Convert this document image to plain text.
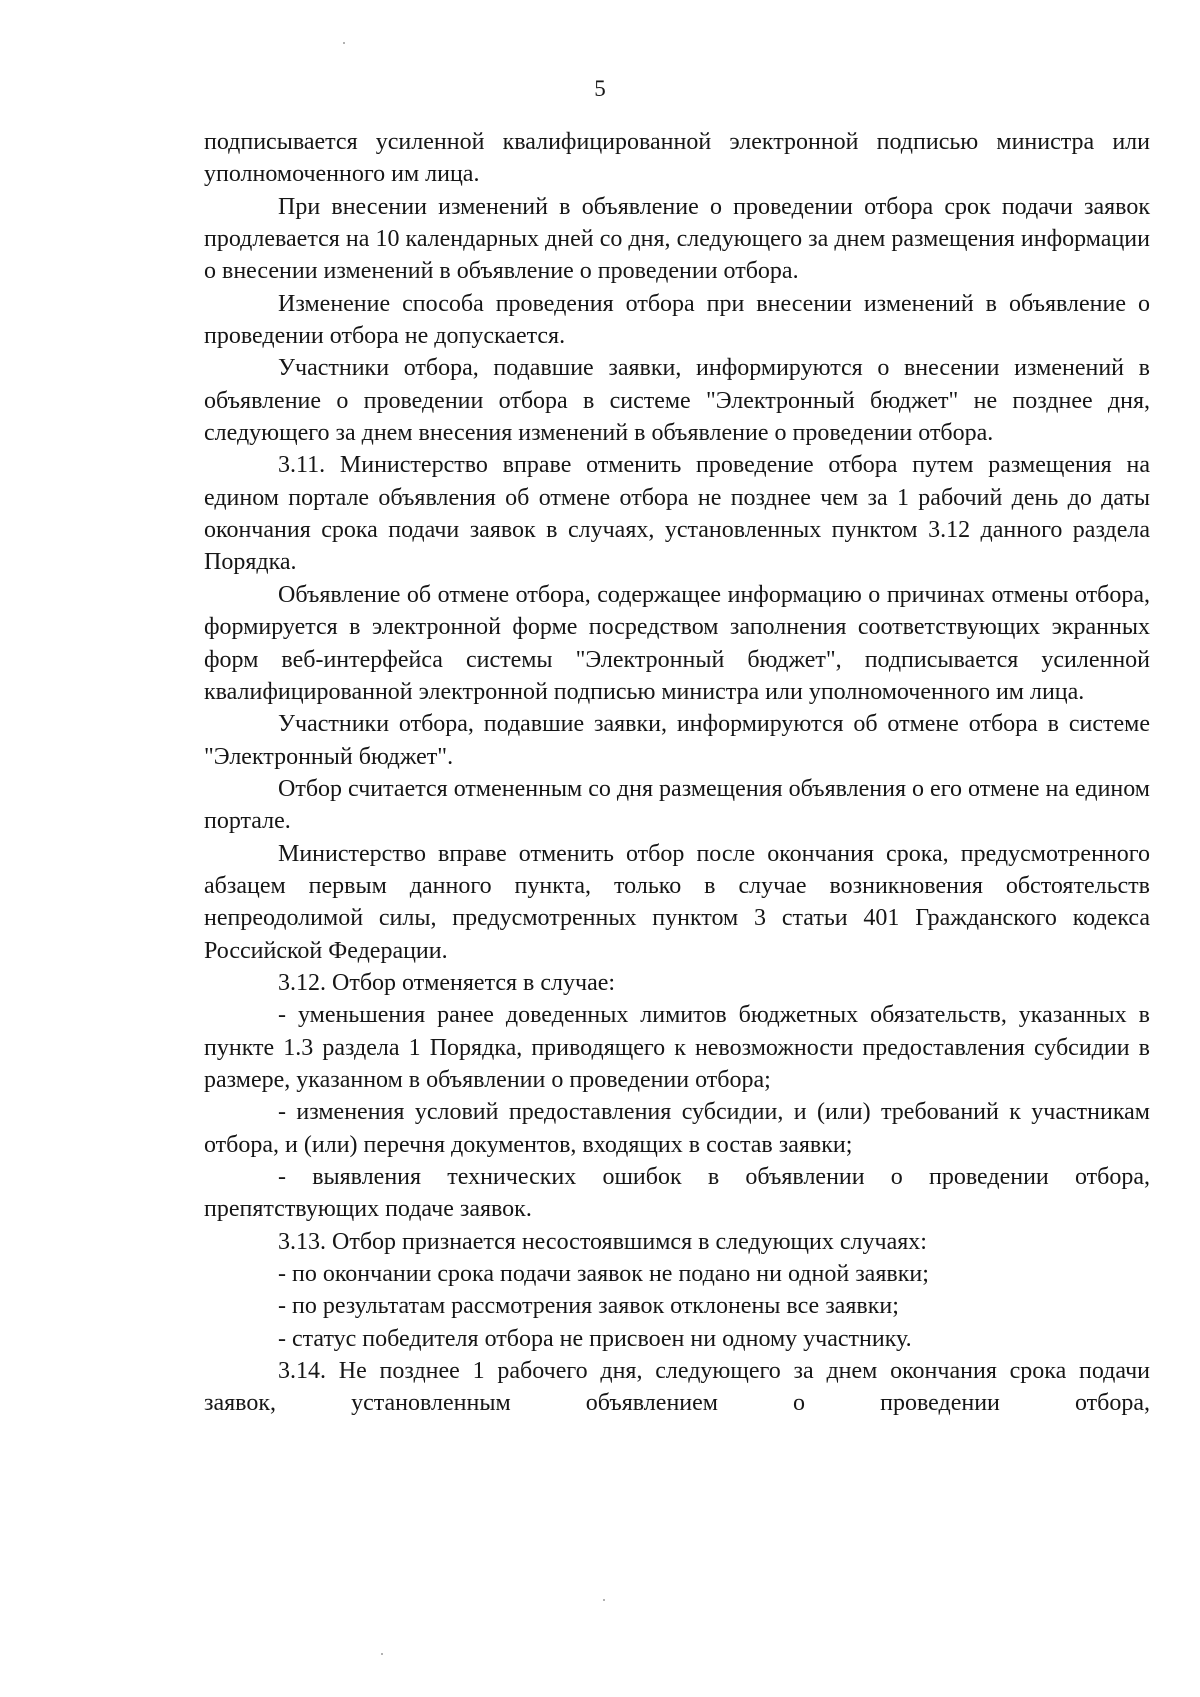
5

подписывается усиленной квалифицированной электронной подписью министра или уполномоченного им лица.

При внесении изменений в объявление о проведении отбора срок подачи заявок продлевается на 10 календарных дней со дня, следующего за днем размещения информации о внесении изменений в объявление о проведении отбора.

Изменение способа проведения отбора при внесении изменений в объявление о проведении отбора не допускается.

Участники отбора, подавшие заявки, информируются о внесении изменений в объявление о проведении отбора в системе "Электронный бюджет" не позднее дня, следующего за днем внесения изменений в объявление о проведении отбора.

3.11. Министерство вправе отменить проведение отбора путем размещения на едином портале объявления об отмене отбора не позднее чем за 1 рабочий день до даты окончания срока подачи заявок в случаях, установленных пунктом 3.12 данного раздела Порядка.

Объявление об отмене отбора, содержащее информацию о причинах отмены отбора, формируется в электронной форме посредством заполнения соответствующих экранных форм веб-интерфейса системы "Электронный бюджет", подписывается усиленной квалифицированной электронной подписью министра или уполномоченного им лица.

Участники отбора, подавшие заявки, информируются об отмене отбора в системе "Электронный бюджет".

Отбор считается отмененным со дня размещения объявления о его отмене на едином портале.

Министерство вправе отменить отбор после окончания срока, предусмотренного абзацем первым данного пункта, только в случае возникновения обстоятельств непреодолимой силы, предусмотренных пунктом 3 статьи 401 Гражданского кодекса Российской Федерации.

3.12. Отбор отменяется в случае:

- уменьшения ранее доведенных лимитов бюджетных обязательств, указанных в пункте 1.3 раздела 1 Порядка, приводящего к невозможности предоставления субсидии в размере, указанном в объявлении о проведении отбора;

- изменения условий предоставления субсидии, и (или) требований к участникам отбора, и (или) перечня документов, входящих в состав заявки;

- выявления технических ошибок в объявлении о проведении отбора, препятствующих подаче заявок.

3.13. Отбор признается несостоявшимся в следующих случаях:

- по окончании срока подачи заявок не подано ни одной заявки;

- по результатам рассмотрения заявок отклонены все заявки;

- статус победителя отбора не присвоен ни одному участнику.

3.14. Не позднее 1 рабочего дня, следующего за днем окончания срока подачи заявок, установленным объявлением о проведении отбора,
